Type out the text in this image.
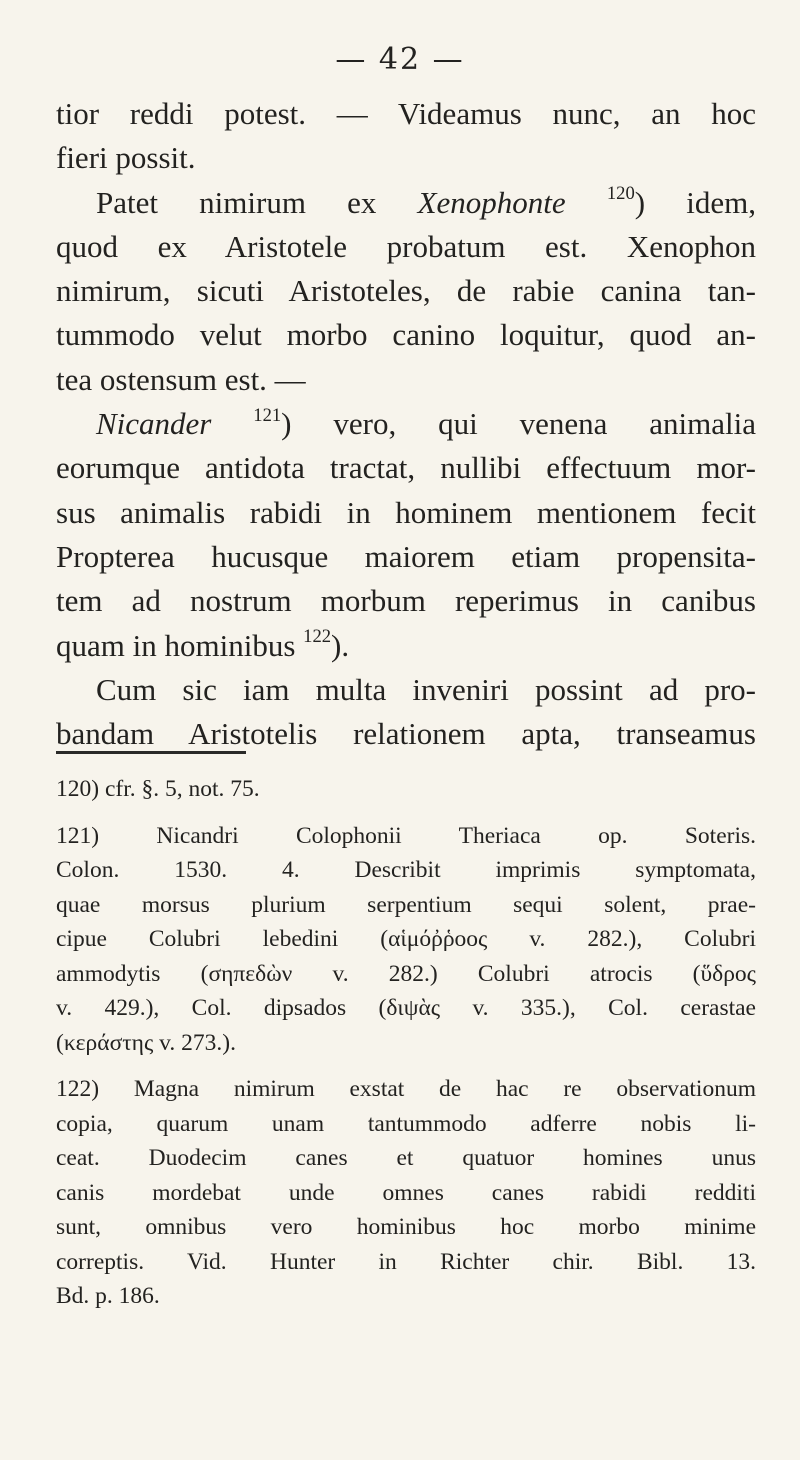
— 42 —
tior reddi potest. — Videamus nunc, an hoc
fieri possit.
Patet nimirum ex Xenophonte $^{120}$) idem,
quod ex Aristotele probatum est. Xenophon
nimirum, sicuti Aristoteles, de rabie canina tan-
tummodo velut morbo canino loquitur, quod an-
tea ostensum est. —
Nicander $^{121}$) vero, qui venena animalia
eorumque antidota tractat, nullibi effectuum mor-
sus animalis rabidi in hominem mentionem fecit
Propterea hucusque maiorem etiam propensita-
tem ad nostrum morbum reperimus in canibus
quam in hominibus $^{122}$).
Cum sic iam multa inveniri possint ad pro-
bandam Aristotelis relationem apta, transeamus
120) cfr. §. 5, not. 75.
121) Nicandri Colophonii Theriaca op. Soteris.
Colon. 1530. 4. Describit imprimis symptomata,
quae morsus plurium serpentium sequi solent, prae-
cipue Colubri lebedini (αἱμόῤῥοος v. 282.), Colubri
ammodytis (σηπεδὼν v. 282.) Colubri atrocis (ὕδρος
v. 429.), Col. dipsados (διψὰς v. 335.), Col. cerastae
(κεράστης v. 273.).
122) Magna nimirum exstat de hac re observationum
copia, quarum unam tantummodo adferre nobis li-
ceat. Duodecim canes et quatuor homines unus
canis mordebat unde omnes canes rabidi redditi
sunt, omnibus vero hominibus hoc morbo minime
correptis. Vid. Hunter in Richter chir. Bibl. 13.
Bd. p. 186.
